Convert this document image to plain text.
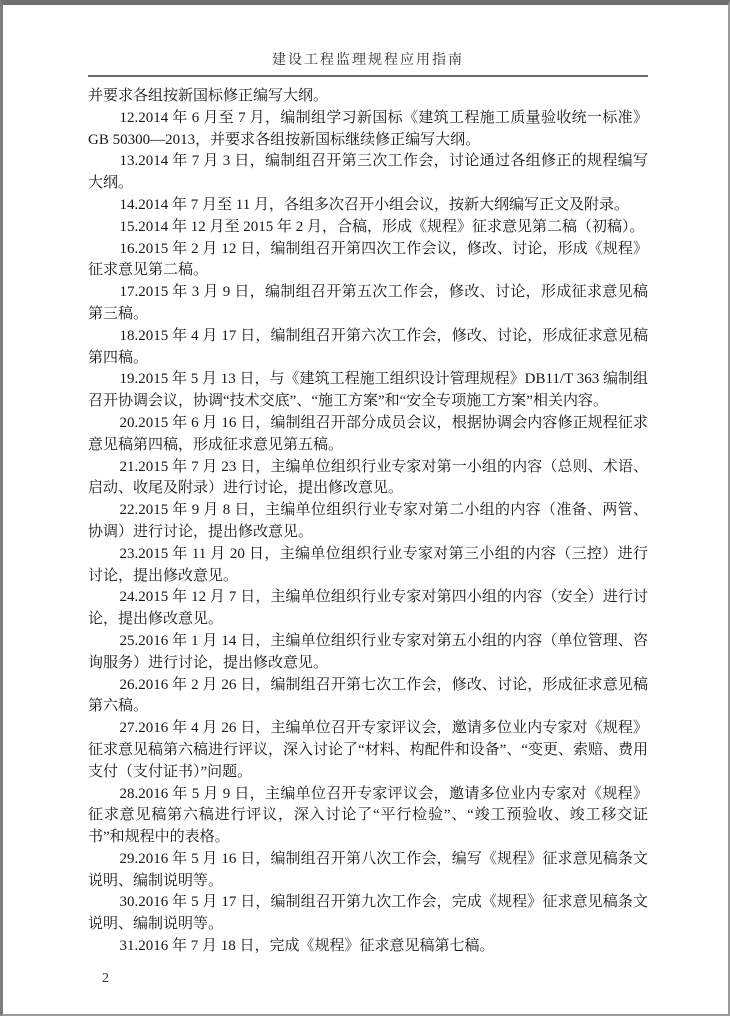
建设工程监理规程应用指南

并要求各组按新国标修正编写大纲。

12.2014 年 6 月至 7 月，编制组学习新国标《建筑工程施工质量验收统一标准》GB 50300—2013，并要求各组按新国标继续修正编写大纲。

13.2014 年 7 月 3 日，编制组召开第三次工作会，讨论通过各组修正的规程编写大纲。

14.2014 年 7 月至 11 月，各组多次召开小组会议，按新大纲编写正文及附录。

15.2014 年 12 月至 2015 年 2 月，合稿，形成《规程》征求意见第二稿（初稿）。

16.2015 年 2 月 12 日，编制组召开第四次工作会议，修改、讨论，形成《规程》征求意见第二稿。

17.2015 年 3 月 9 日，编制组召开第五次工作会，修改、讨论，形成征求意见稿第三稿。

18.2015 年 4 月 17 日，编制组召开第六次工作会，修改、讨论，形成征求意见稿第四稿。

19.2015 年 5 月 13 日，与《建筑工程施工组织设计管理规程》DB11/T 363 编制组召开协调会议，协调“技术交底”、“施工方案”和“安全专项施工方案”相关内容。

20.2015 年 6 月 16 日，编制组召开部分成员会议，根据协调会内容修正规程征求意见稿第四稿，形成征求意见第五稿。

21.2015 年 7 月 23 日，主编单位组织行业专家对第一小组的内容（总则、术语、启动、收尾及附录）进行讨论，提出修改意见。

22.2015 年 9 月 8 日，主编单位组织行业专家对第二小组的内容（准备、两管、协调）进行讨论，提出修改意见。

23.2015 年 11 月 20 日，主编单位组织行业专家对第三小组的内容（三控）进行讨论，提出修改意见。

24.2015 年 12 月 7 日，主编单位组织行业专家对第四小组的内容（安全）进行讨论，提出修改意见。

25.2016 年 1 月 14 日，主编单位组织行业专家对第五小组的内容（单位管理、咨询服务）进行讨论，提出修改意见。

26.2016 年 2 月 26 日，编制组召开第七次工作会，修改、讨论，形成征求意见稿第六稿。

27.2016 年 4 月 26 日，主编单位召开专家评议会，邀请多位业内专家对《规程》征求意见稿第六稿进行评议，深入讨论了“材料、构配件和设备”、“变更、索赔、费用支付（支付证书）”问题。

28.2016 年 5 月 9 日，主编单位召开专家评议会，邀请多位业内专家对《规程》征求意见稿第六稿进行评议，深入讨论了“平行检验”、“竣工预验收、竣工移交证书”和规程中的表格。

29.2016 年 5 月 16 日，编制组召开第八次工作会，编写《规程》征求意见稿条文说明、编制说明等。

30.2016 年 5 月 17 日，编制组召开第九次工作会，完成《规程》征求意见稿条文说明、编制说明等。

31.2016 年 7 月 18 日，完成《规程》征求意见稿第七稿。

2
